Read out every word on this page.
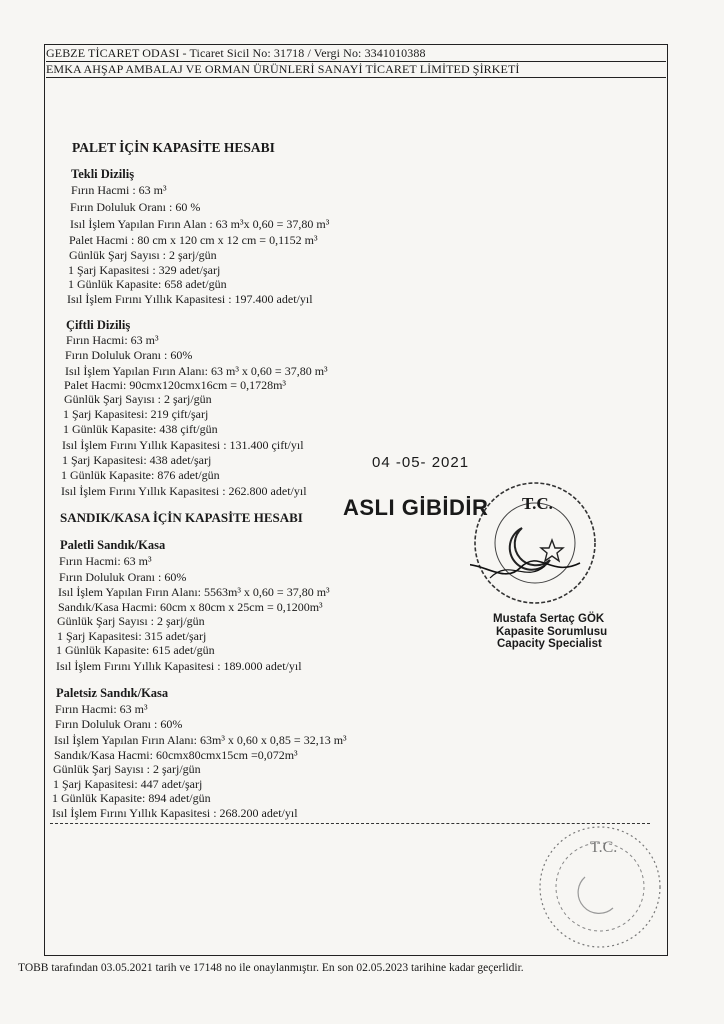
GEBZE TİCARET ODASI - Ticaret Sicil No: 31718 / Vergi No: 3341010388
EMKA AHŞAP AMBALAJ VE ORMAN ÜRÜNLERİ SANAYİ TİCARET LİMİTED ŞİRKETİ
PALET İÇİN KAPASİTE HESABI
Tekli Diziliş
Fırın Hacmi : 63 m³
Fırın Doluluk Oranı : 60 %
Isıl İşlem Yapılan Fırın Alan : 63 m³x 0,60 = 37,80 m³
Palet Hacmi : 80 cm x 120 cm x 12 cm = 0,1152 m³
Günlük Şarj Sayısı : 2 şarj/gün
1 Şarj Kapasitesi : 329 adet/şarj
1 Günlük Kapasite: 658 adet/gün
Isıl İşlem Fırını Yıllık Kapasitesi : 197.400 adet/yıl
Çiftli Diziliş
Fırın Hacmi: 63 m³
Fırın Doluluk Oranı : 60%
Isıl İşlem Yapılan Fırın Alanı: 63 m³ x 0,60 = 37,80 m³
Palet Hacmi: 90cmx120cmx16cm = 0,1728m³
Günlük Şarj Sayısı : 2 şarj/gün
1 Şarj Kapasitesi: 219 çift/şarj
1 Günlük Kapasite: 438 çift/gün
Isıl İşlem Fırını Yıllık Kapasitesi : 131.400 çift/yıl
1 Şarj Kapasitesi: 438 adet/şarj
1 Günlük Kapasite: 876 adet/gün
Isıl İşlem Fırını Yıllık Kapasitesi : 262.800 adet/yıl
SANDIK/KASA İÇİN KAPASİTE HESABI
Paletli Sandık/Kasa
Fırın Hacmi: 63 m³
Fırın Doluluk Oranı : 60%
Isıl İşlem Yapılan Fırın Alanı: 5563m³ x 0,60 = 37,80 m³
Sandık/Kasa Hacmi: 60cm x 80cm x 25cm = 0,1200m³
Günlük Şarj Sayısı : 2 şarj/gün
1 Şarj Kapasitesi: 315 adet/şarj
1 Günlük Kapasite: 615 adet/gün
Isıl İşlem Fırını Yıllık Kapasitesi : 189.000 adet/yıl
Paletsiz Sandık/Kasa
Fırın Hacmi: 63 m³
Fırın Doluluk Oranı : 60%
Isıl İşlem Yapılan Fırın Alanı: 63m³ x 0,60 x 0,85 = 32,13 m³
Sandık/Kasa Hacmi: 60cmx80cmx15cm =0,072m³
Günlük Şarj Sayısı : 2 şarj/gün
1 Şarj Kapasitesi: 447 adet/şarj
1 Günlük Kapasite: 894 adet/gün
Isıl İşlem Fırını Yıllık Kapasitesi : 268.200 adet/yıl
04 -05- 2021
ASLI GİBİDİR T.C.
Mustafa Sertaç GÖK
Kapasite Sorumlusu
Capacity Specialist
T.C.
TOBB tarafından 03.05.2021 tarih ve 17148 no ile onaylanmıştır. En son 02.05.2023 tarihine kadar geçerlidir.
